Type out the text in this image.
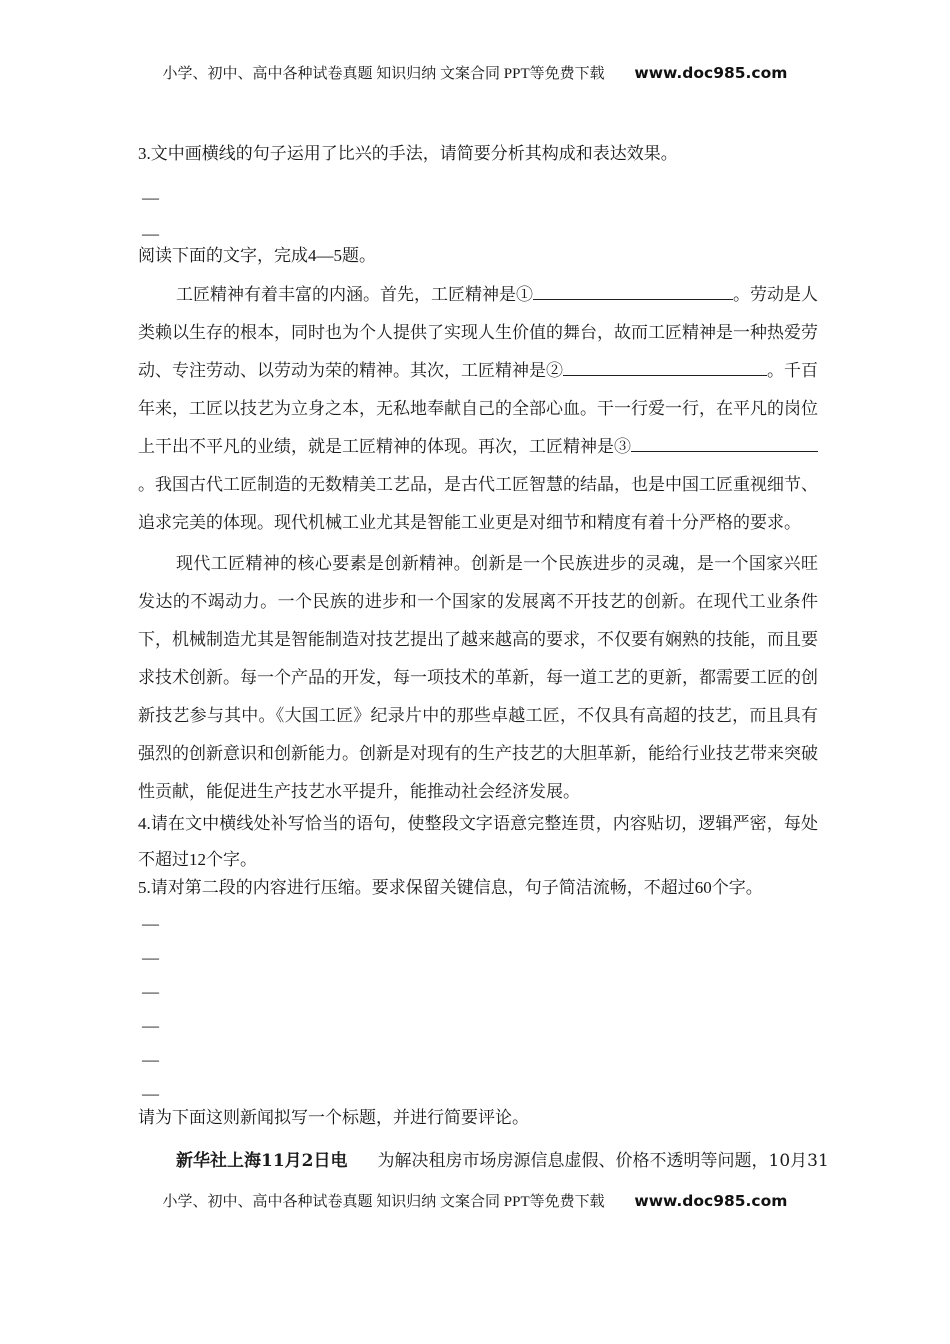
小学、初中、高中各种试卷真题 知识归纳 文案合同 PPT等免费下载 www.doc985.com
3.文中画横线的句子运用了比兴的手法，请简要分析其构成和表达效果。
—
—
阅读下面的文字，完成4—5题。
工匠精神有着丰富的内涵。首先，工匠精神是①	。劳动是人类赖以生存的根本，同时也为个人提供了实现人生价值的舞台，故而工匠精神是一种热爱劳动、专注劳动、以劳动为荣的精神。其次，工匠精神是②	。千百年来，工匠以技艺为立身之本，无私地奉献自己的全部心血。干一行爱一行，在平凡的岗位上干出不平凡的业绩，就是工匠精神的体现。再次，工匠精神是③。我国古代工匠制造的无数精美工艺品，是古代工匠智慧的结晶，也是中国工匠重视细节、追求完美的体现。现代机械工业尤其是智能工业更是对细节和精度有着十分严格的要求。
现代工匠精神的核心要素是创新精神。创新是一个民族进步的灵魂，是一个国家兴旺发达的不竭动力。一个民族的进步和一个国家的发展离不开技艺的创新。在现代工业条件下，机械制造尤其是智能制造对技艺提出了越来越高的要求，不仅要有娴熟的技能，而且要求技术创新。每一个产品的开发，每一项技术的革新，每一道工艺的更新，都需要工匠的创新技艺参与其中。《大国工匠》纪录片中的那些卓越工匠，不仅具有高超的技艺，而且具有强烈的创新意识和创新能力。创新是对现有的生产技艺的大胆革新，能给行业技艺带来突破性贡献，能促进生产技艺水平提升，能推动社会经济发展。
4.请在文中横线处补写恰当的语句，使整段文字语意完整连贯，内容贴切，逻辑严密，每处不超过12个字。
5.请对第二段的内容进行压缩。要求保留关键信息，句子简洁流畅，不超过60个字。
—
—
—
—
—
—
请为下面这则新闻拟写一个标题，并进行简要评论。
新华社上海11月2日电 为解决租房市场房源信息虚假、价格不透明等问题，10月31
小学、初中、高中各种试卷真题 知识归纳 文案合同 PPT等免费下载 www.doc985.com
